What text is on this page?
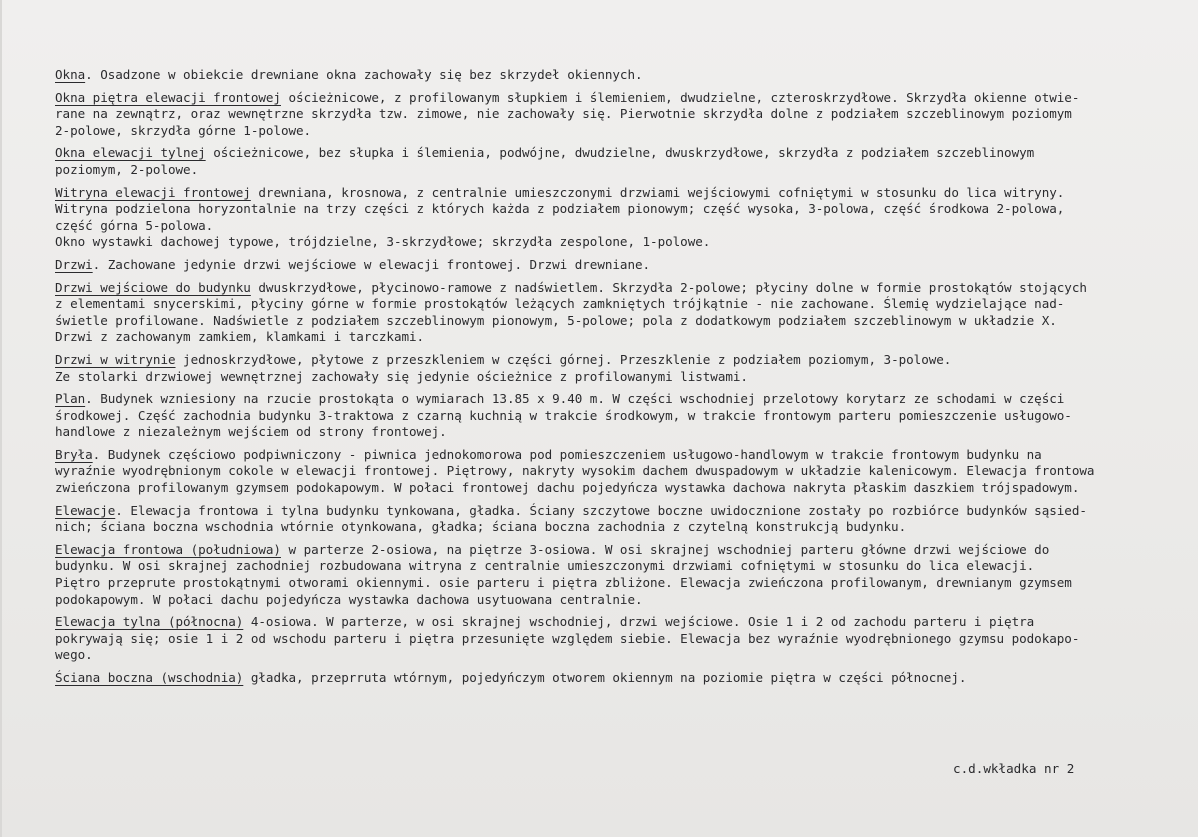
Okna. Osadzone w obiekcie drewniane okna zachowały się bez skrzydeł okiennych.

Okna piętra elewacji frontowej ościeżnicowe, z profilowanym słupkiem i ślemieniem, dwudzielne, czteroskrzydłowe. Skrzydła okienne otwie-
rane na zewnątrz, oraz wewnętrzne skrzydła tzw. zimowe, nie zachowały się. Pierwotnie skrzydła dolne z podziałem szczeblinowym poziomym
2-polowe, skrzydła górne 1-polowe.

Okna elewacji tylnej ościeżnicowe, bez słupka i ślemienia, podwójne, dwudzielne, dwuskrzydłowe, skrzydła z podziałem szczeblinowym
poziomym, 2-polowe.

Witryna elewacji frontowej drewniana, krosnowa, z centralnie umieszczonymi drzwiami wejściowymi cofniętymi w stosunku do lica witryny.
Witryna podzielona horyzontalnie na trzy części z których każda z podziałem pionowym; część wysoka, 3-polowa, część środkowa 2-polowa,
część górna 5-polowa.
Okno wystawki dachowej typowe, trójdzielne, 3-skrzydłowe; skrzydła zespolone, 1-polowe.

Drzwi. Zachowane jedynie drzwi wejściowe w elewacji frontowej. Drzwi drewniane.

Drzwi wejściowe do budynku dwuskrzydłowe, płycinowo-ramowe z nadświetlem. Skrzydła 2-polowe; płyciny dolne w formie prostokątów stojących
z elementami snycerskimi, płyciny górne w formie prostokątów leżących zamkniętych trójkątnie - nie zachowane. Ślemię wydzielające nad-
świetle profilowane. Nadświetle z podziałem szczeblinowym pionowym, 5-polowe; pola z dodatkowym podziałem szczeblinowym w układzie X.
Drzwi z zachowanym zamkiem, klamkami i tarczkami.

Drzwi w witrynie jednoskrzydłowe, płytowe z przeszkleniem w części górnej. Przeszklenie z podziałem poziomym, 3-polowe.
Ze stolarki drzwiowej wewnętrznej zachowały się jedynie ościeżnice z profilowanymi listwami.

Plan. Budynek wzniesiony na rzucie prostokąta o wymiarach 13.85 x 9.40 m. W części wschodniej przelotowy korytarz ze schodami w części
środkowej. Część zachodnia budynku 3-traktowa z czarną kuchnią w trakcie środkowym, w trakcie frontowym parteru pomieszczenie usługowo-
handlowe z niezależnym wejściem od strony frontowej.

Bryła. Budynek częściowo podpiwniczony - piwnica jednokomorowa pod pomieszczeniem usługowo-handlowym w trakcie frontowym budynku na
wyraźnie wyodrębnionym cokole w elewacji frontowej. Piętrowy, nakryty wysokim dachem dwuspadowym w układzie kalenicowym. Elewacja frontowa
zwieńczona profilowanym gzymsem podokapowym. W połaci frontowej dachu pojedyńcza wystawka dachowa nakryta płaskim daszkiem trójspadowym.

Elewacje. Elewacja frontowa i tylna budynku tynkowana, gładka. Ściany szczytowe boczne uwidocznione zostały po rozbiórce budynków sąsied-
nich; ściana boczna wschodnia wtórnie otynkowana, gładka; ściana boczna zachodnia z czytelną konstrukcją budynku.

Elewacja frontowa (południowa) w parterze 2-osiowa, na piętrze 3-osiowa. W osi skrajnej wschodniej parteru główne drzwi wejściowe do
budynku. W osi skrajnej zachodniej rozbudowana witryna z centralnie umieszczonymi drzwiami cofniętymi w stosunku do lica elewacji.
Piętro przeprute prostokątnymi otworami okiennymi. osie parteru i piętra zbliżone. Elewacja zwieńczona profilowanym, drewnianym gzymsem
podokapowym. W połaci dachu pojedyńcza wystawka dachowa usytuowana centralnie.

Elewacja tylna (północna) 4-osiowa. W parterze, w osi skrajnej wschodniej, drzwi wejściowe. Osie 1 i 2 od zachodu parteru i piętra
pokrywają się; osie 1 i 2 od wschodu parteru i piętra przesunięte względem siebie. Elewacja bez wyraźnie wyodrębnionego gzymsu podokapo-
wego.

Ściana boczna (wschodnia) gładka, przeprruta wtórnym, pojedyńczym otworem okiennym na poziomie piętra w części północnej.

c.d.wkładka nr 2
